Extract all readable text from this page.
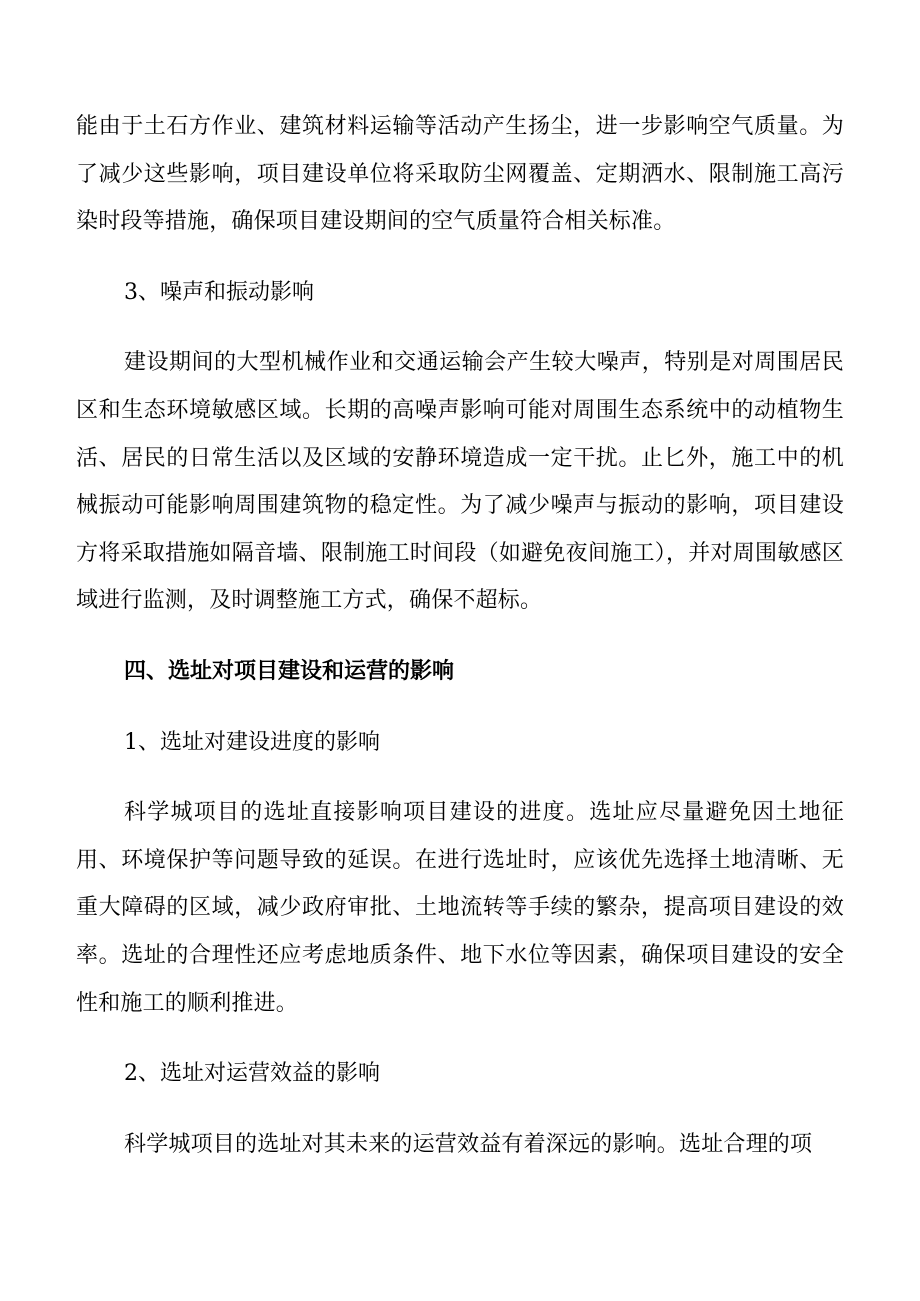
能由于土石方作业、建筑材料运输等活动产生扬尘，进一步影响空气质量。为了减少这些影响，项目建设单位将采取防尘网覆盖、定期洒水、限制施工高污染时段等措施，确保项目建设期间的空气质量符合相关标准。

3、噪声和振动影响

建设期间的大型机械作业和交通运输会产生较大噪声，特别是对周围居民区和生态环境敏感区域。长期的高噪声影响可能对周围生态系统中的动植物生活、居民的日常生活以及区域的安静环境造成一定干扰。止匕外，施工中的机械振动可能影响周围建筑物的稳定性。为了减少噪声与振动的影响，项目建设方将采取措施如隔音墙、限制施工时间段（如避免夜间施工），并对周围敏感区域进行监测，及时调整施工方式，确保不超标。

四、选址对项目建设和运营的影响

1、选址对建设进度的影响

科学城项目的选址直接影响项目建设的进度。选址应尽量避免因土地征用、环境保护等问题导致的延误。在进行选址时，应该优先选择土地清晰、无重大障碍的区域，减少政府审批、土地流转等手续的繁杂，提高项目建设的效率。选址的合理性还应考虑地质条件、地下水位等因素，确保项目建设的安全性和施工的顺利推进。

2、选址对运营效益的影响

科学城项目的选址对其未来的运营效益有着深远的影响。选址合理的项
